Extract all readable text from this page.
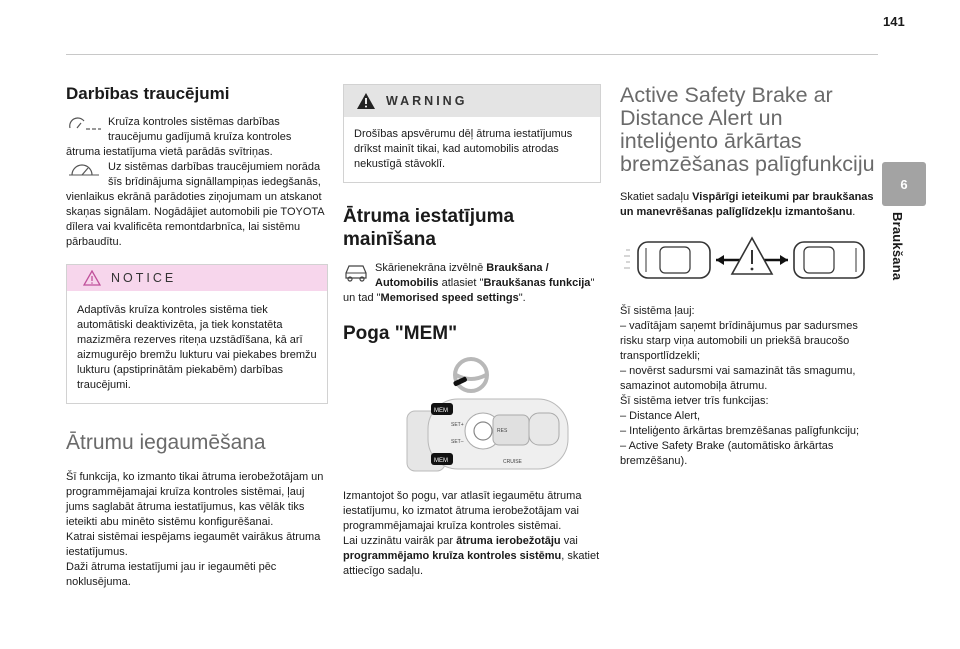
141
6
Braukšana
Darbības traucējumi

Kruīza kontroles sistēmas darbības traucējumu gadījumā kruīza kontroles ātruma iestatījuma vietā parādās svītriņas.

Uz sistēmas darbības traucējumiem norāda šīs brīdinājuma signāllampiņas iedegšanās, vienlaikus ekrānā parādoties ziņojumam un atskanot skaņas signālam. Nogādājiet automobili pie TOYOTA dīlera vai kvalificēta remontdarbnīca, lai sistēmu pārbaudītu.

NOTICE

Adaptīvās kruīza kontroles sistēma tiek automātiski deaktivizēta, ja tiek konstatēta mazizmēra rezerves riteņa uzstādīšana, kā arī aizmugurējo bremžu lukturu vai piekabes bremžu lukturu (apstiprinātām piekabēm) darbības traucējumi.

Ātrumu iegaumēšana

Šī funkcija, ko izmanto tikai ātruma ierobežotājam un programmējamajai kruīza kontroles sistēmai, ļauj jums saglabāt ātruma iestatījumus, kas vēlāk tiks ieteikti abu minēto sistēmu konfigurēšanai.

Katrai sistēmai iespējams iegaumēt vairākus ātruma iestatījumus.

Daži ātruma iestatījumi jau ir iegaumēti pēc noklusējuma.

WARNING

Drošības apsvērumu dēļ ātruma iestatījumus drīkst mainīt tikai, kad automobilis atrodas nekustīgā stāvoklī.

Ātruma iestatījuma mainīšana

Skārienekrāna izvēlnē Braukšana / Automobilis atlasiet "Braukšanas funkcija" un tad "Memorised speed settings".

Poga "MEM"
MEM
MEM
SET+
SET–
RES
CRUISE

Izmantojot šo pogu, var atlasīt iegaumētu ātruma iestatījumu, ko izmatot ātruma ierobežotājam vai programmējamajai kruīza kontroles sistēmai.

Lai uzzinātu vairāk par ātruma ierobežotāju vai programmējamo kruīza kontroles sistēmu, skatiet attiecīgo sadaļu.

Active Safety Brake ar Distance Alert un inteliģento ārkārtas bremzēšanas palīgfunkciju

Skatiet sadaļu Vispārīgi ieteikumi par braukšanas un manevrēšanas palīglīdzekļu izmantošanu.

Šī sistēma ļauj:

– vadītājam saņemt brīdinājumus par sadursmes risku starp viņa automobili un priekšā braucošo transportlīdzekli;

– novērst sadursmi vai samazināt tās smagumu, samazinot automobiļa ātrumu.

Šī sistēma ietver trīs funkcijas:

– Distance Alert,

– Inteliģento ārkārtas bremzēšanas palīgfunkciju;

– Active Safety Brake (automātisko ārkārtas bremzēšanu).
